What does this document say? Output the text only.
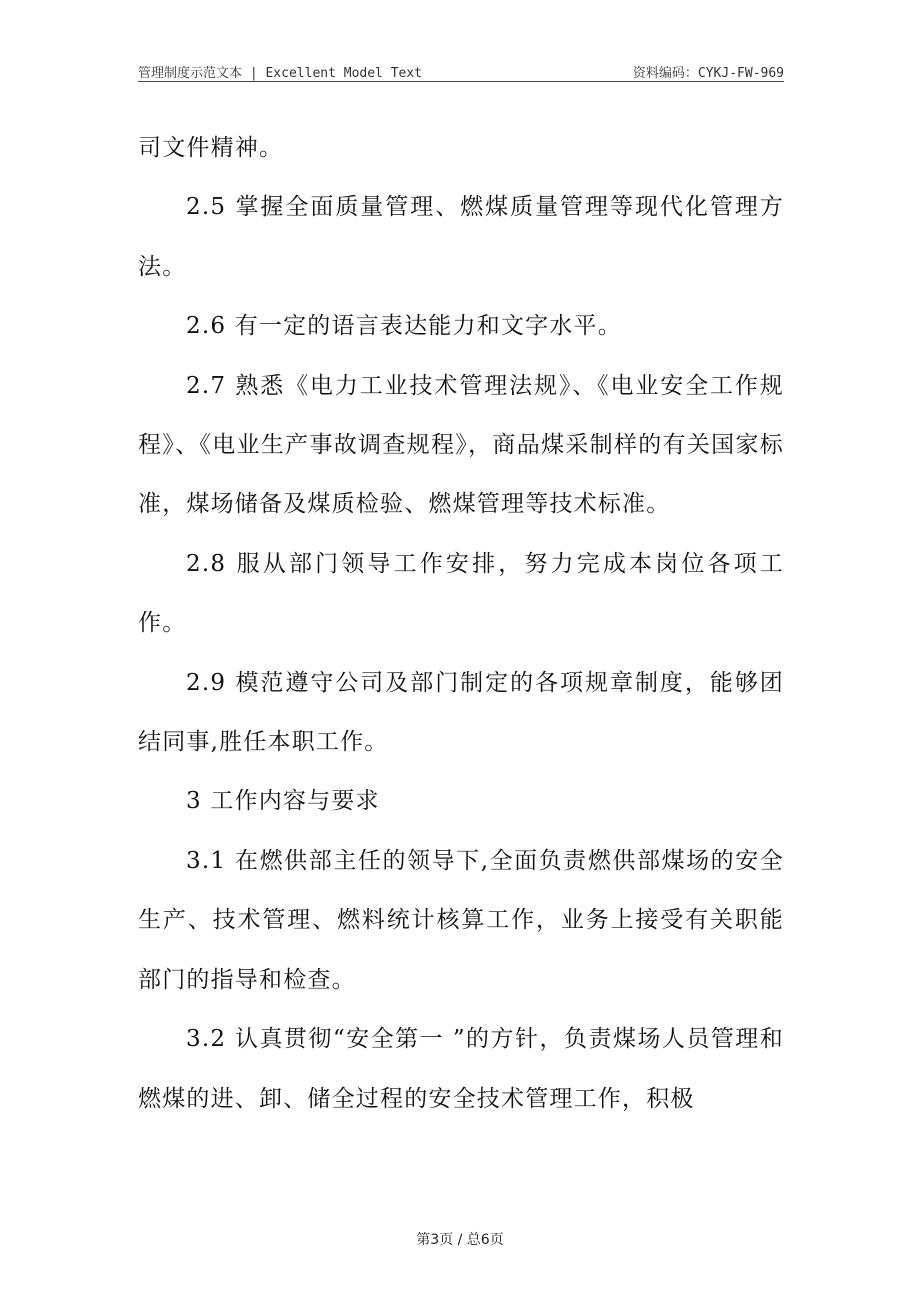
管理制度示范文本 | Excellent Model Text	资料编码：CYKJ-FW-969

司文件精神。

2.5 掌握全面质量管理、燃煤质量管理等现代化管理方法。

2.6 有一定的语言表达能力和文字水平。

2.7 熟悉《电力工业技术管理法规》、《电业安全工作规程》、《电业生产事故调查规程》，商品煤采制样的有关国家标准，煤场储备及煤质检验、燃煤管理等技术标准。

2.8 服从部门领导工作安排，努力完成本岗位各项工作。

2.9 模范遵守公司及部门制定的各项规章制度，能够团结同事,胜任本职工作。

3 工作内容与要求

3.1 在燃供部主任的领导下,全面负责燃供部煤场的安全生产、技术管理、燃料统计核算工作，业务上接受有关职能部门的指导和检查。

3.2 认真贯彻“安全第一 ”的方针，负责煤场人员管理和燃煤的进、卸、储全过程的安全技术管理工作，积极

第3页 / 总6页
